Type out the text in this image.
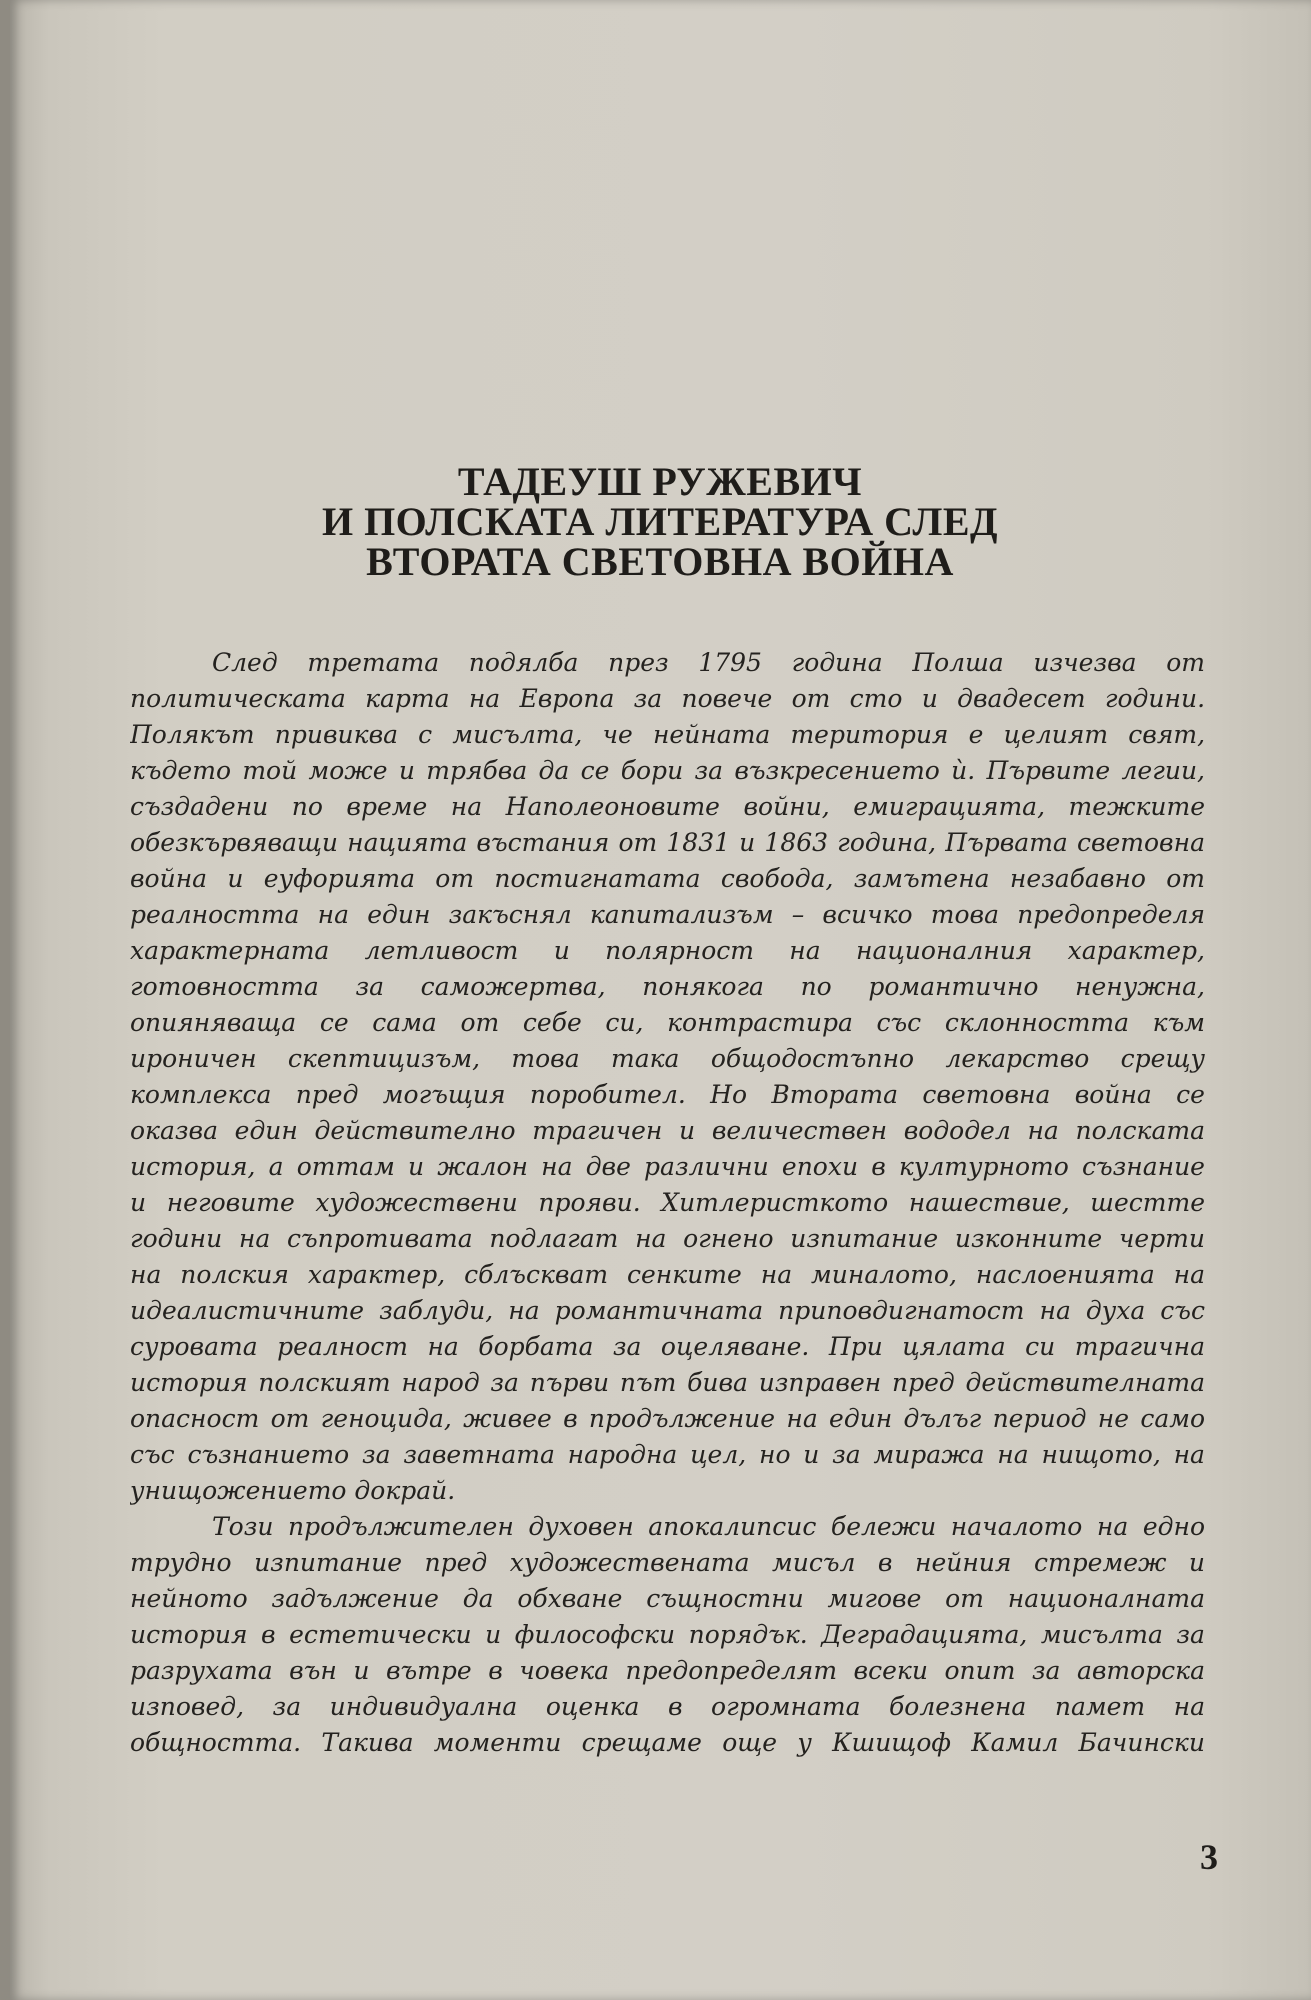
ТАДЕУШ РУЖЕВИЧ
И ПОЛСКАТА ЛИТЕРАТУРА СЛЕД
ВТОРАТА СВЕТОВНА ВОЙНА
След третата подялба през 1795 година Полша изчезва от
политическата карта на Европа за повече от сто и двадесет години.
Полякът привиква с мисълта, че нейната територия е целият свят,
където той може и трябва да се бори за възкресението ѝ. Първите легии,
създадени по време на Наполеоновите войни, емиграцията, тежките
обезкървяващи нацията въстания от 1831 и 1863 година, Първата световна
война и еуфорията от постигнатата свобода, замътена незабавно от
реалността на един закъснял капитализъм – всичко това предопределя
характерната летливост и полярност на националния характер,
готовността за саможертва, понякога по романтично ненужна,
опияняваща се сама от себе си, контрастира със склонността към
ироничен скептицизъм, това така общодостъпно лекарство срещу
комплекса пред могъщия поробител. Но Втората световна война се
оказва един действително трагичен и величествен вододел на полската
история, а оттам и жалон на две различни епохи в културното съзнание
и неговите художествени прояви. Хитлеристкото нашествие, шестте
години на съпротивата подлагат на огнено изпитание изконните черти
на полския характер, сблъскват сенките на миналото, наслоенията на
идеалистичните заблуди, на романтичната приповдигнатост на духа със
суровата реалност на борбата за оцеляване. При цялата си трагична
история полският народ за първи път бива изправен пред действителната
опасност от геноцида, живее в продължение на един дълъг период не само
със съзнанието за заветната народна цел, но и за миража на нищото, на
унищожението докрай.
Този продължителен духовен апокалипсис бележи началото на едно
трудно изпитание пред художествената мисъл в нейния стремеж и
нейното задължение да обхване същностни мигове от националната
история в естетически и философски порядък. Деградацията, мисълта за
разрухата вън и вътре в човека предопределят всеки опит за авторска
изповед, за индивидуална оценка в огромната болезнена памет на
общността. Такива моменти срещаме още у Кшищоф Камил Бачински
3
